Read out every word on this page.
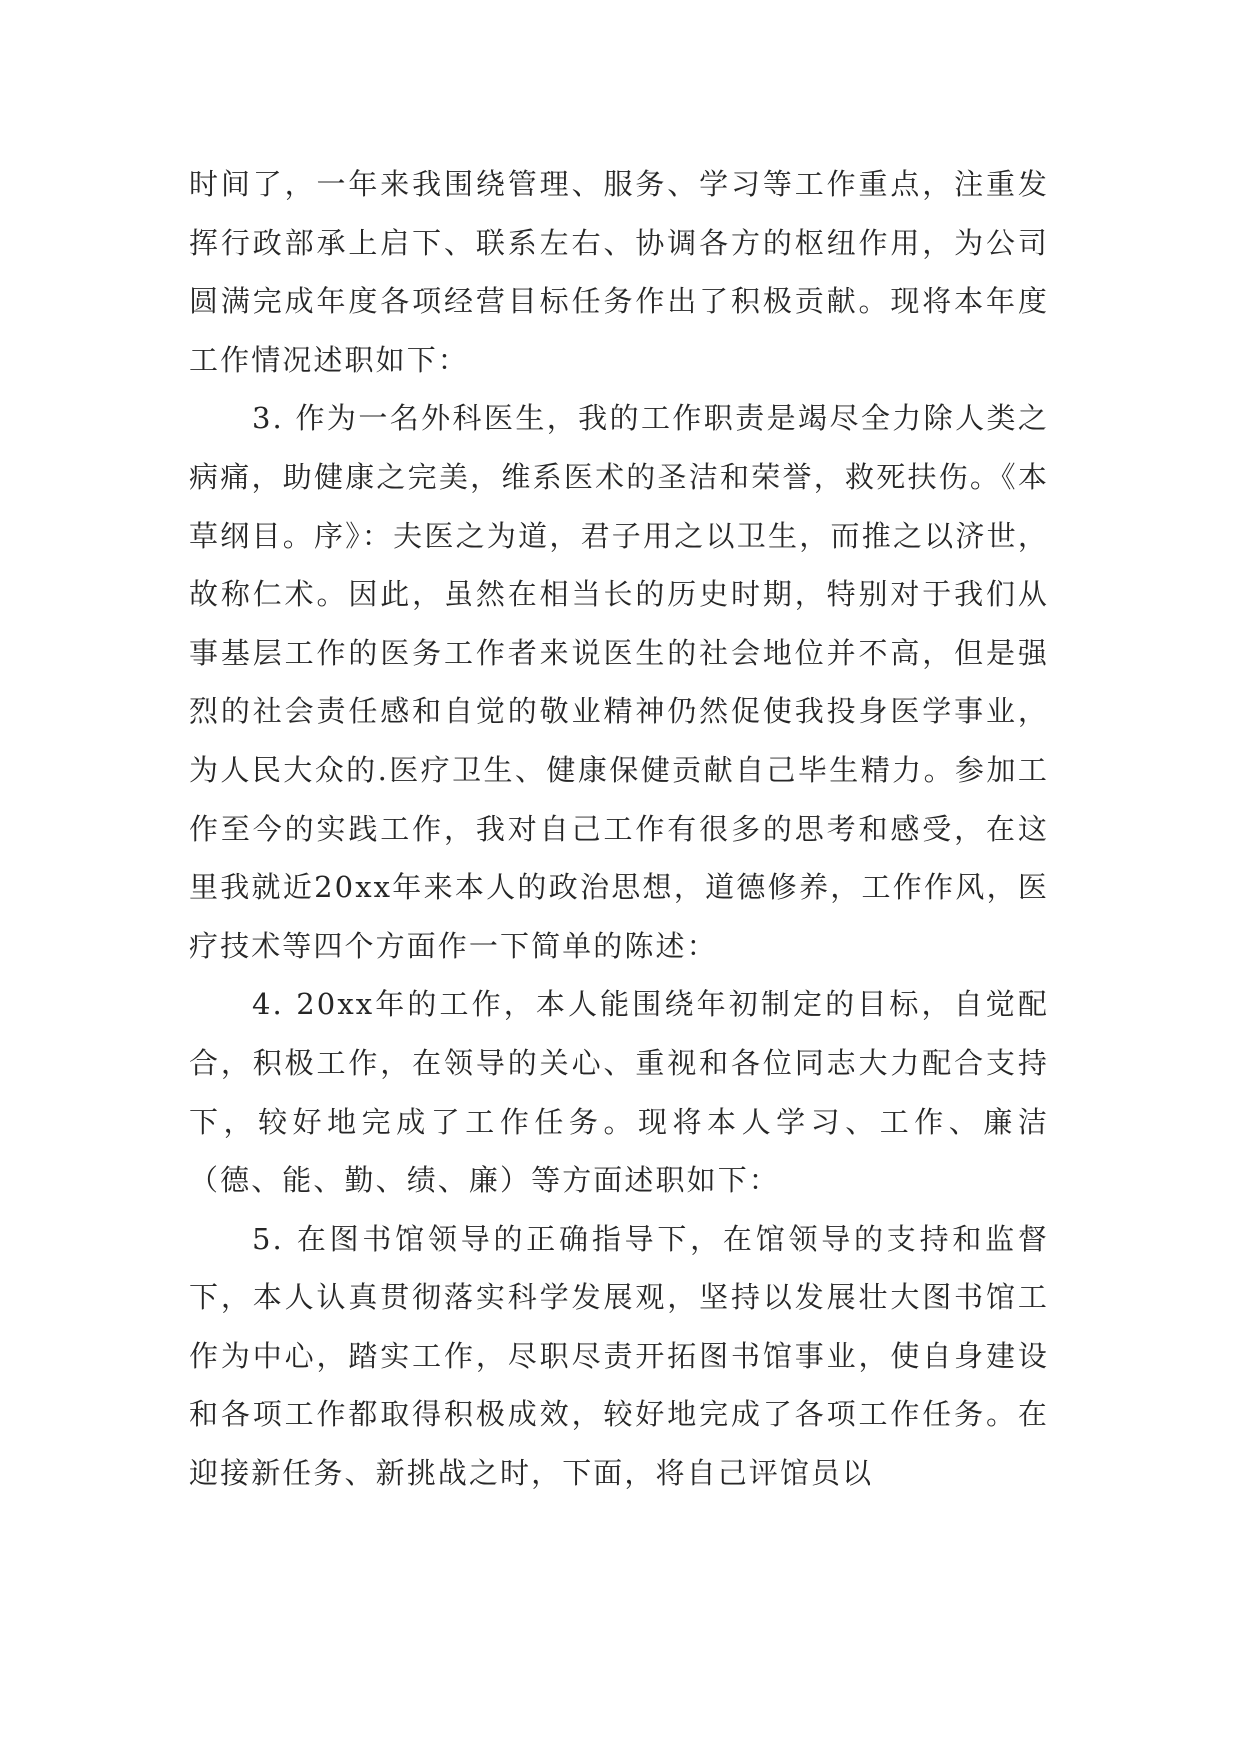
时间了，一年来我围绕管理、服务、学习等工作重点，注重发挥行政部承上启下、联系左右、协调各方的枢纽作用，为公司圆满完成年度各项经营目标任务作出了积极贡献。现将本年度工作情况述职如下：

3. 作为一名外科医生，我的工作职责是竭尽全力除人类之病痛，助健康之完美，维系医术的圣洁和荣誉，救死扶伤。《本草纲目。序》：夫医之为道，君子用之以卫生，而推之以济世，故称仁术。因此，虽然在相当长的历史时期，特别对于我们从事基层工作的医务工作者来说医生的社会地位并不高，但是强烈的社会责任感和自觉的敬业精神仍然促使我投身医学事业，为人民大众的.医疗卫生、健康保健贡献自己毕生精力。参加工作至今的实践工作，我对自己工作有很多的思考和感受，在这里我就近20xx年来本人的政治思想，道德修养，工作作风，医疗技术等四个方面作一下简单的陈述：

4. 20xx年的工作，本人能围绕年初制定的目标，自觉配合，积极工作，在领导的关心、重视和各位同志大力配合支持下，较好地完成了工作任务。现将本人学习、工作、廉洁（德、能、勤、绩、廉）等方面述职如下：

5. 在图书馆领导的正确指导下，在馆领导的支持和监督下，本人认真贯彻落实科学发展观，坚持以发展壮大图书馆工作为中心，踏实工作，尽职尽责开拓图书馆事业，使自身建设和各项工作都取得积极成效，较好地完成了各项工作任务。在迎接新任务、新挑战之时，下面，将自己评馆员以
